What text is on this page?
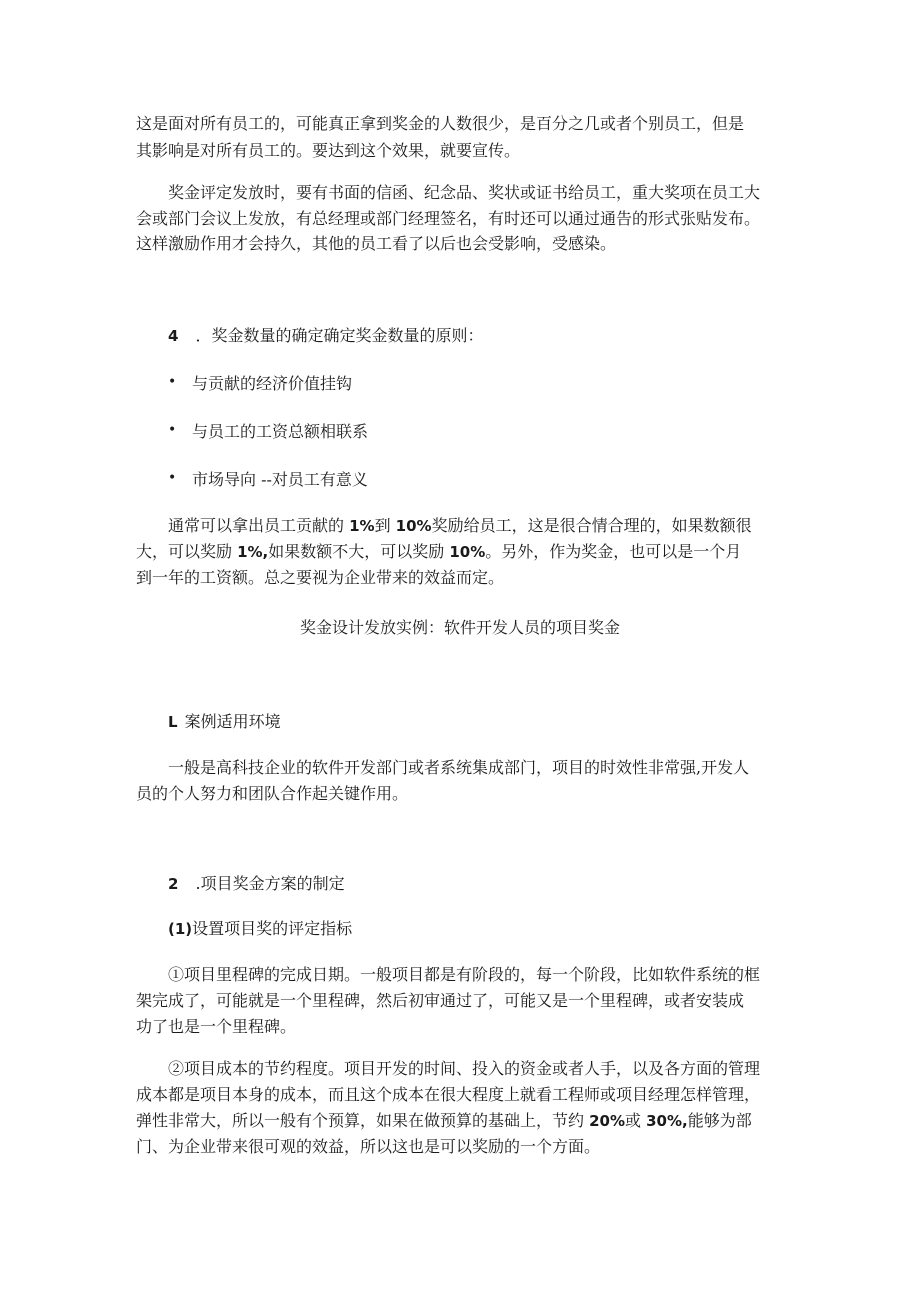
这是面对所有员工的，可能真正拿到奖金的人数很少，是百分之几或者个别员工，但是
其影响是对所有员工的。要达到这个效果，就要宣传。
奖金评定发放时，要有书面的信函、纪念品、奖状或证书给员工，重大奖项在员工大
会或部门会议上发放，有总经理或部门经理签名，有时还可以通过通告的形式张贴发布。
这样激励作用才会持久，其他的员工看了以后也会受影响，受感染。
4 ．奖金数量的确定确定奖金数量的原则：
• 与贡献的经济价值挂钩
• 与员工的工资总额相联系
• 市场导向 --对员工有意义
通常可以拿出员工贡献的 1%到 10%奖励给员工，这是很合情合理的，如果数额很
大，可以奖励 1%,如果数额不大，可以奖励 10%。另外，作为奖金，也可以是一个月
到一年的工资额。总之要视为企业带来的效益而定。
奖金设计发放实例：软件开发人员的项目奖金
L 案例适用环境
一般是高科技企业的软件开发部门或者系统集成部门，项目的时效性非常强,开发人
员的个人努力和团队合作起关键作用。
2 .项目奖金方案的制定
(1)设置项目奖的评定指标
①项目里程碑的完成日期。一般项目都是有阶段的，每一个阶段，比如软件系统的框
架完成了，可能就是一个里程碑，然后初审通过了，可能又是一个里程碑，或者安装成
功了也是一个里程碑。
②项目成本的节约程度。项目开发的时间、投入的资金或者人手，以及各方面的管理
成本都是项目本身的成本，而且这个成本在很大程度上就看工程师或项目经理怎样管理，
弹性非常大，所以一般有个预算，如果在做预算的基础上，节约 20%或 30%,能够为部
门、为企业带来很可观的效益，所以这也是可以奖励的一个方面。
